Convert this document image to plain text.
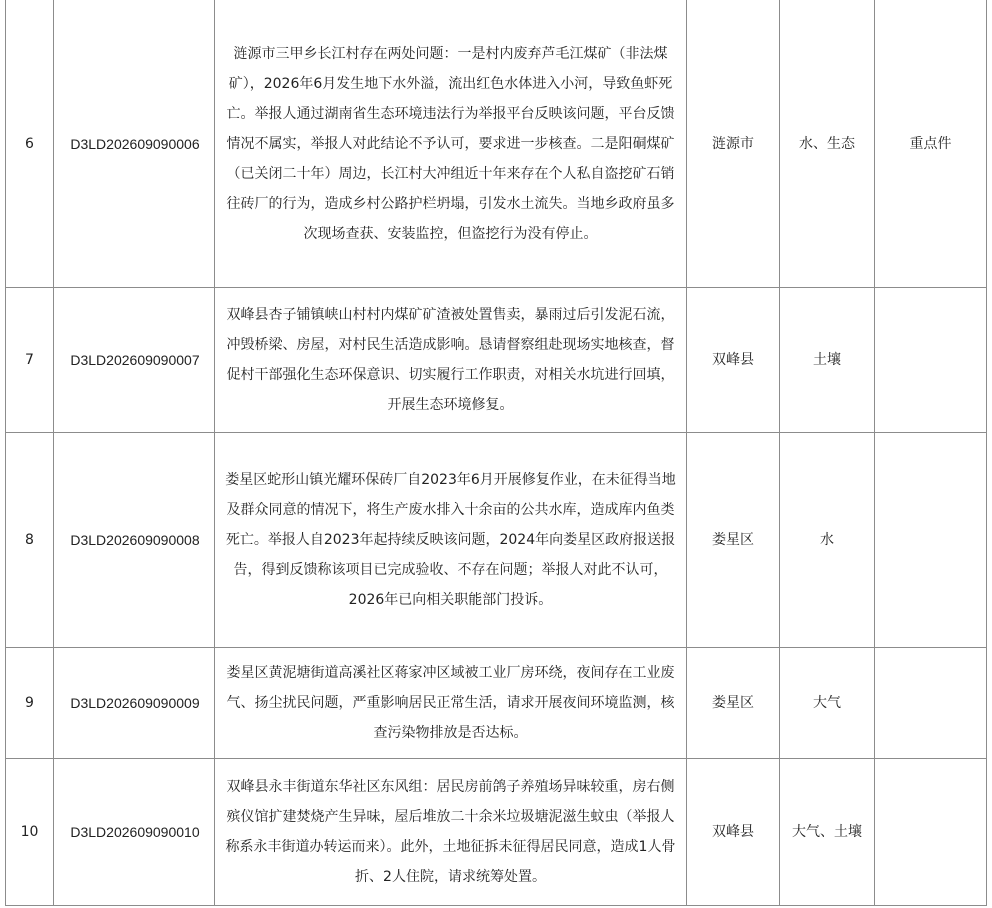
6	D3LD202609090006	涟源市三甲乡长江村存在两处问题：一是村内废弃芦毛江煤矿（非法煤矿），2026年6月发生地下水外溢，流出红色水体进入小河，导致鱼虾死亡。举报人通过湖南省生态环境违法行为举报平台反映该问题，平台反馈情况不属实，举报人对此结论不予认可，要求进一步核查。二是阳硐煤矿（已关闭二十年）周边，长江村大冲组近十年来存在个人私自盗挖矿石销往砖厂的行为，造成乡村公路护栏坍塌，引发水土流失。当地乡政府虽多次现场查获、安装监控，但盗挖行为没有停止。	涟源市	水、生态	重点件
7	D3LD202609090007	双峰县杏子铺镇峡山村村内煤矿矿渣被处置售卖，暴雨过后引发泥石流，冲毁桥梁、房屋，对村民生活造成影响。恳请督察组赴现场实地核查，督促村干部强化生态环保意识、切实履行工作职责，对相关水坑进行回填，开展生态环境修复。	双峰县	土壤	
8	D3LD202609090008	娄星区蛇形山镇光耀环保砖厂自2023年6月开展修复作业，在未征得当地及群众同意的情况下，将生产废水排入十余亩的公共水库，造成库内鱼类死亡。举报人自2023年起持续反映该问题，2024年向娄星区政府报送报告，得到反馈称该项目已完成验收、不存在问题；举报人对此不认可，2026年已向相关职能部门投诉。	娄星区	水	
9	D3LD202609090009	娄星区黄泥塘街道高溪社区蒋家冲区域被工业厂房环绕，夜间存在工业废气、扬尘扰民问题，严重影响居民正常生活，请求开展夜间环境监测，核查污染物排放是否达标。	娄星区	大气	
10	D3LD202609090010	双峰县永丰街道东华社区东风组：居民房前鸽子养殖场异味较重，房右侧殡仪馆扩建焚烧产生异味，屋后堆放二十余米垃圾塘泥滋生蚊虫（举报人称系永丰街道办转运而来）。此外，土地征拆未征得居民同意，造成1人骨折、2人住院，请求统筹处置。	双峰县	大气、土壤	
